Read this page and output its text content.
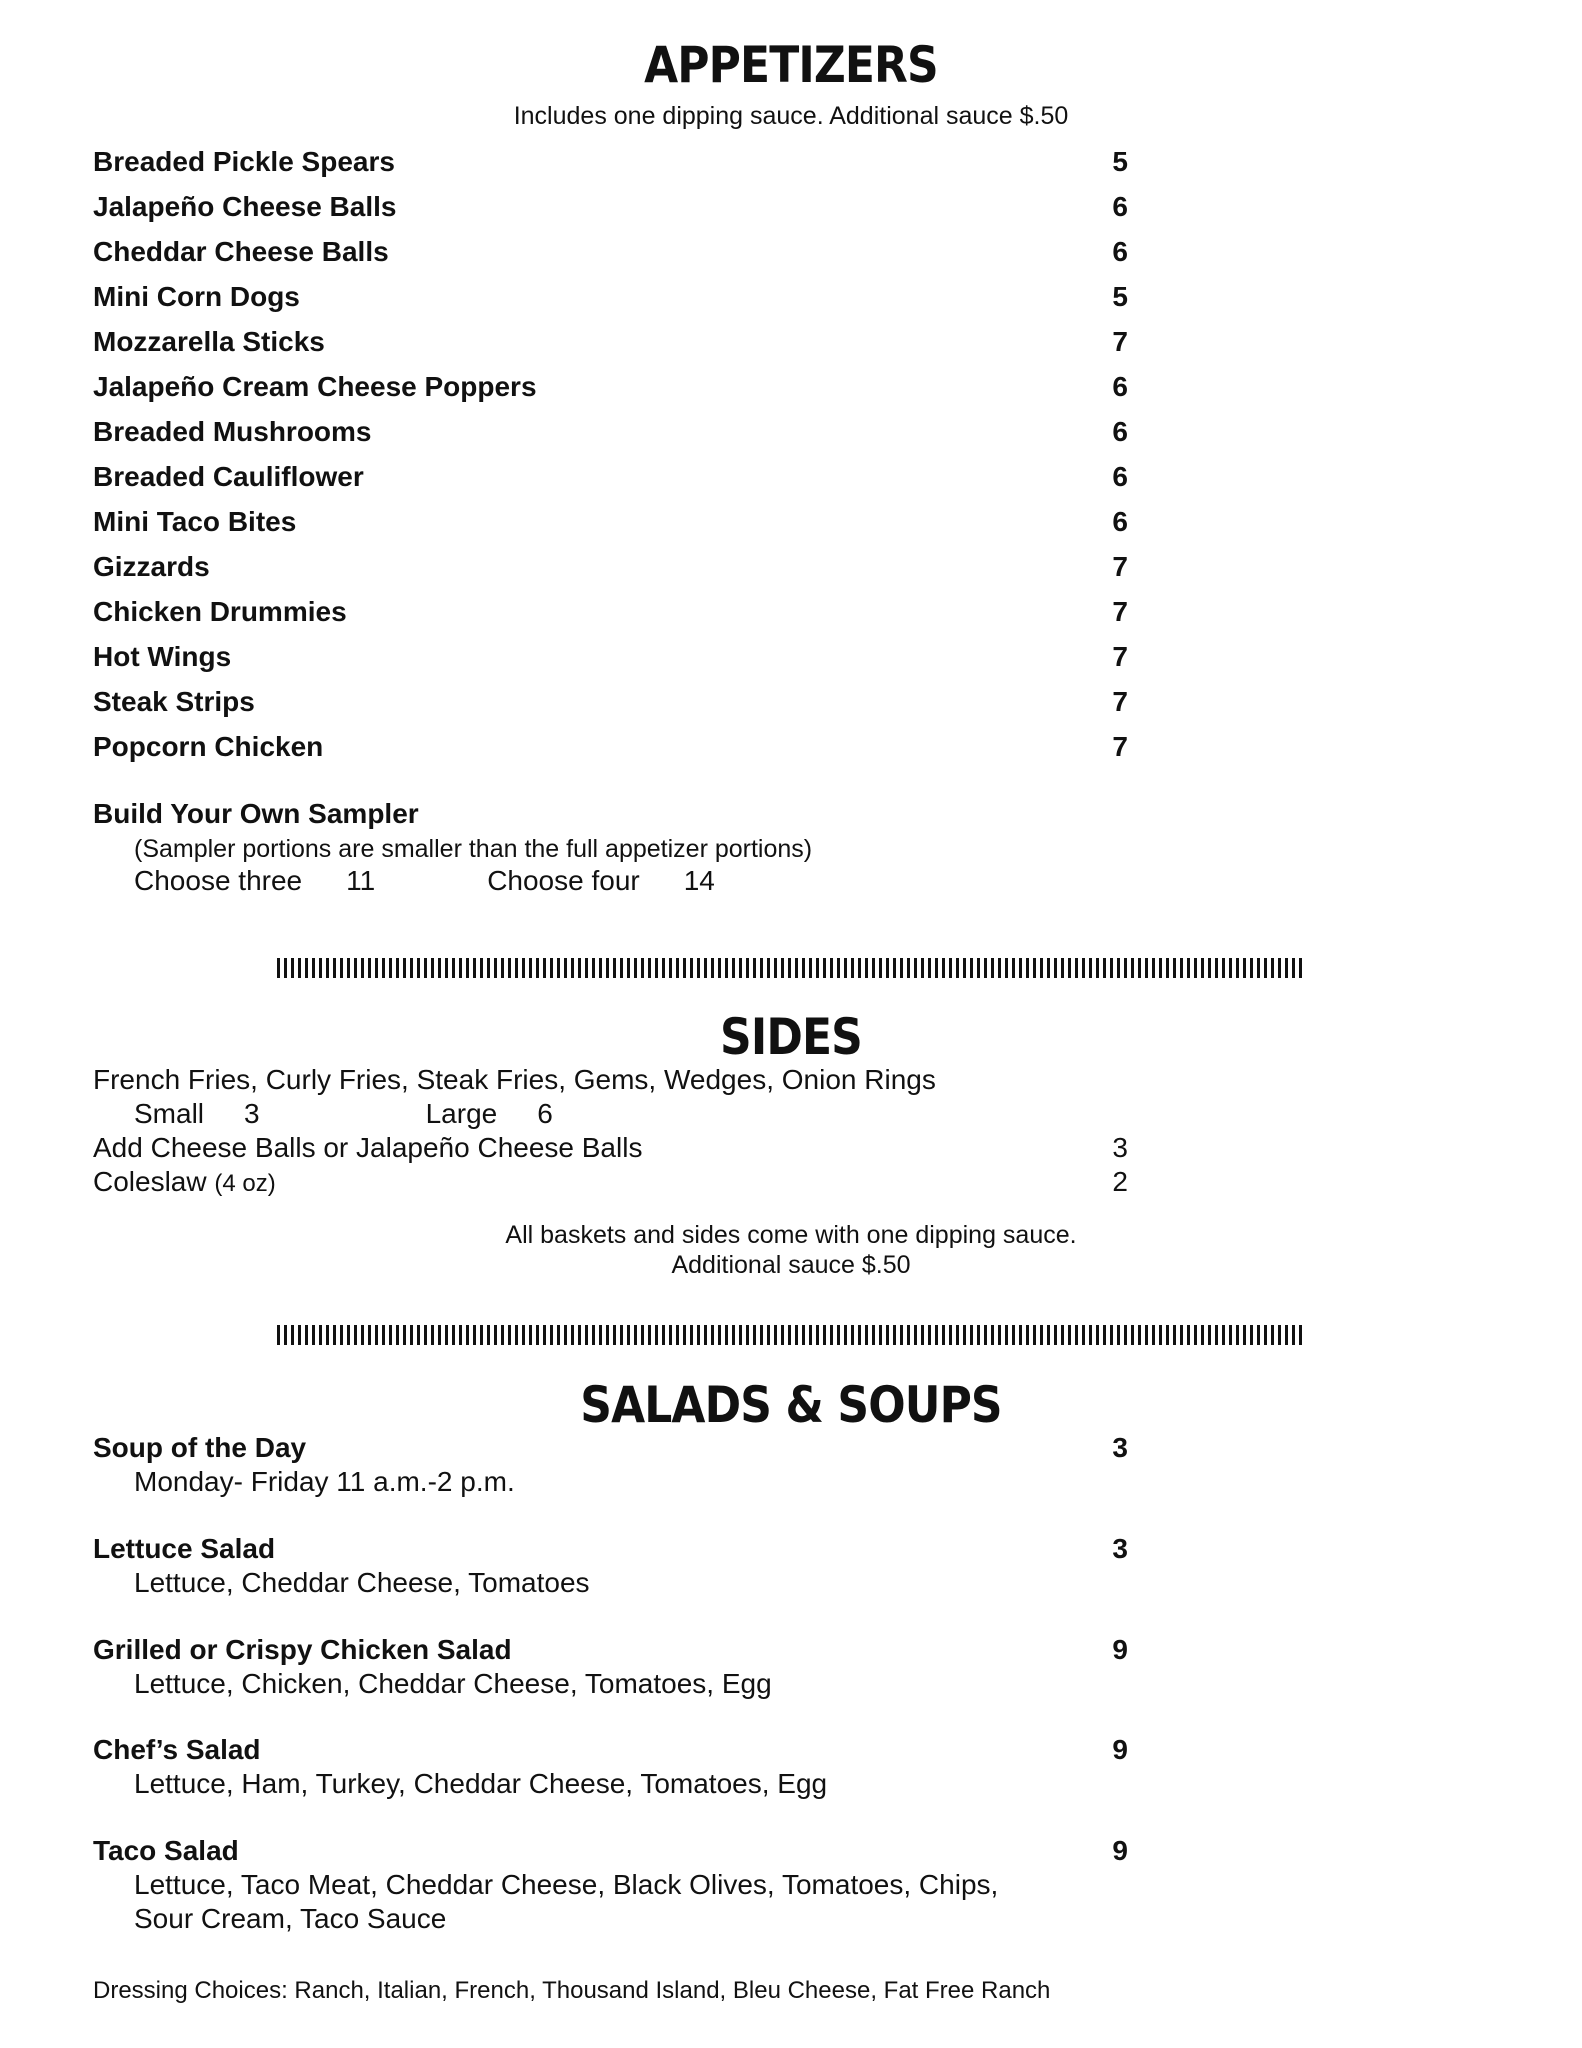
APPETIZERS
Includes one dipping sauce. Additional sauce $.50
Breaded Pickle Spears	5
Jalapeño Cheese Balls	6
Cheddar Cheese Balls	6
Mini Corn Dogs	5
Mozzarella Sticks	7
Jalapeño Cream Cheese Poppers	6
Breaded Mushrooms	6
Breaded Cauliflower	6
Mini Taco Bites	6
Gizzards	7
Chicken Drummies	7
Hot Wings	7
Steak Strips	7
Popcorn Chicken	7
Build Your Own Sampler
(Sampler portions are smaller than the full appetizer portions)
Choose three 11	Choose four 14
SIDES
French Fries, Curly Fries, Steak Fries, Gems, Wedges, Onion Rings
Small 3	Large 6
Add Cheese Balls or Jalapeño Cheese Balls	3
Coleslaw (4 oz)	2
All baskets and sides come with one dipping sauce.
Additional sauce $.50
SALADS & SOUPS
Soup of the Day	3
Monday- Friday 11 a.m.-2 p.m.
Lettuce Salad	3
Lettuce, Cheddar Cheese, Tomatoes
Grilled or Crispy Chicken Salad	9
Lettuce, Chicken, Cheddar Cheese, Tomatoes, Egg
Chef’s Salad	9
Lettuce, Ham, Turkey, Cheddar Cheese, Tomatoes, Egg
Taco Salad	9
Lettuce, Taco Meat, Cheddar Cheese, Black Olives, Tomatoes, Chips,
Sour Cream, Taco Sauce
Dressing Choices: Ranch, Italian, French, Thousand Island, Bleu Cheese, Fat Free Ranch
